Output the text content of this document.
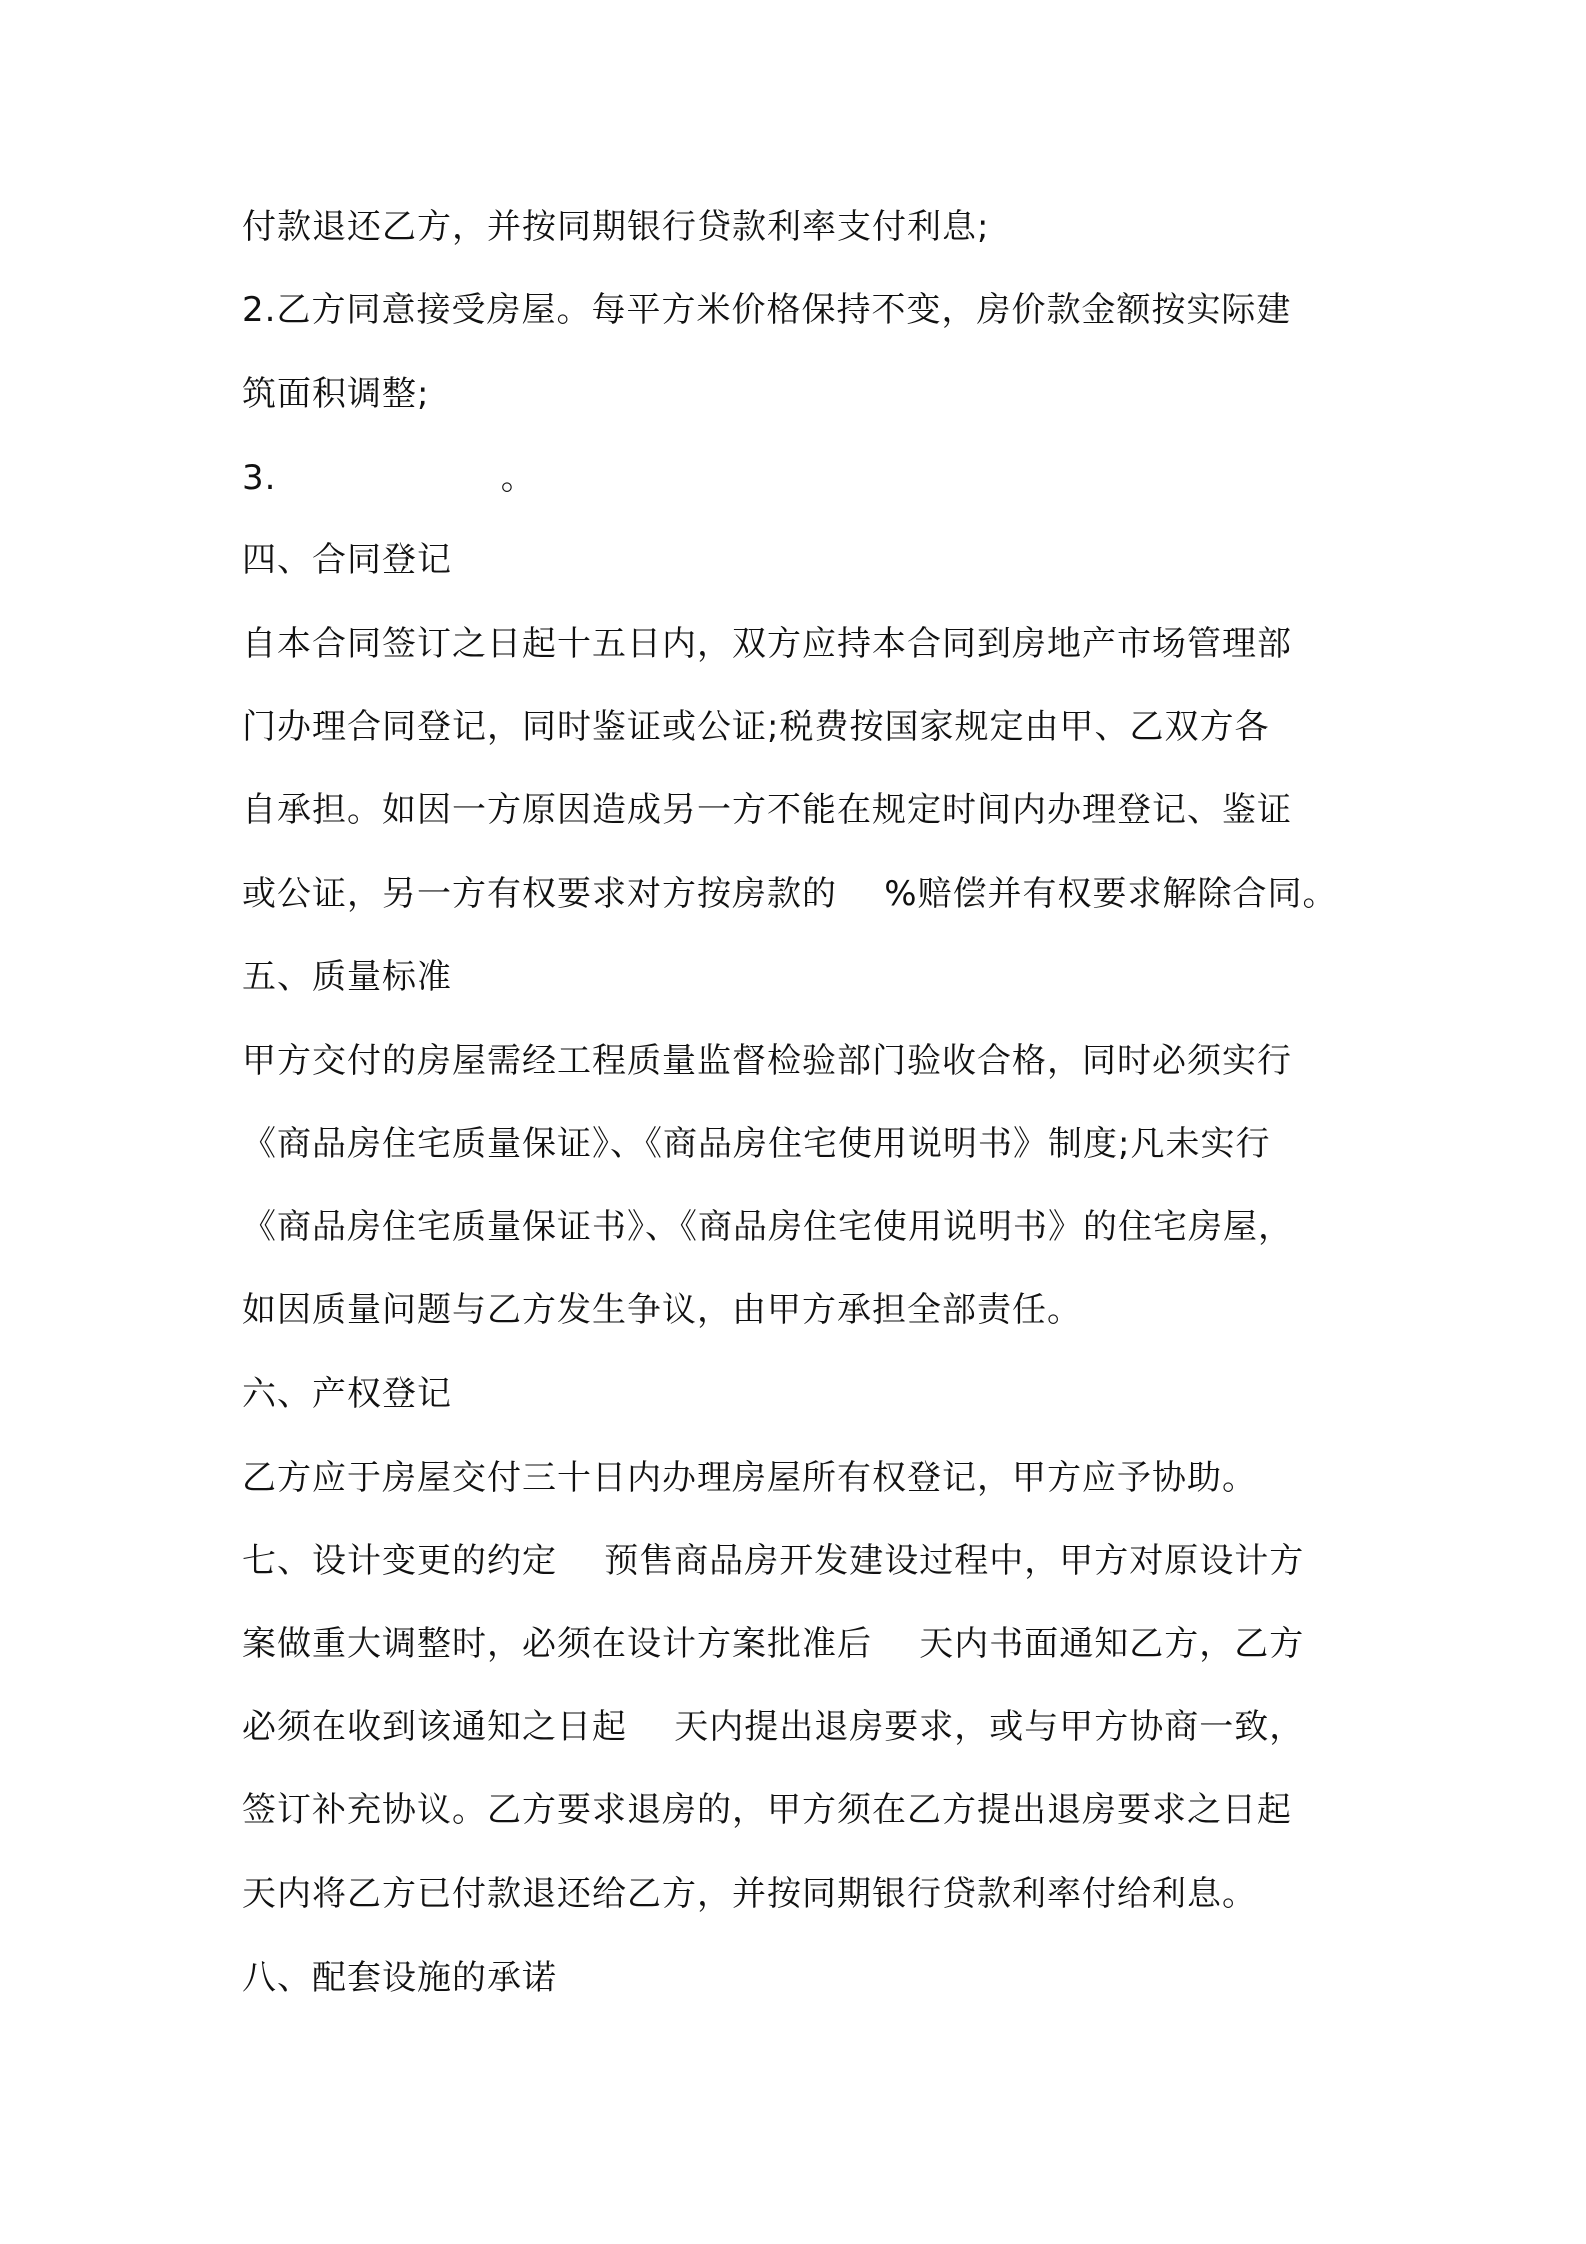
付款退还乙方，并按同期银行贷款利率支付利息;
2.乙方同意接受房屋。每平方米价格保持不变，房价款金额按实际建
筑面积调整;
3.                   。
四、合同登记
自本合同签订之日起十五日内，双方应持本合同到房地产市场管理部
门办理合同登记，同时鉴证或公证;税费按国家规定由甲、乙双方各
自承担。如因一方原因造成另一方不能在规定时间内办理登记、鉴证
或公证，另一方有权要求对方按房款的    %赔偿并有权要求解除合同。
五、质量标准
甲方交付的房屋需经工程质量监督检验部门验收合格，同时必须实行
《商品房住宅质量保证》、《商品房住宅使用说明书》制度;凡未实行
《商品房住宅质量保证书》、《商品房住宅使用说明书》的住宅房屋，
如因质量问题与乙方发生争议，由甲方承担全部责任。
六、产权登记
乙方应于房屋交付三十日内办理房屋所有权登记，甲方应予协助。
七、设计变更的约定    预售商品房开发建设过程中，甲方对原设计方
案做重大调整时，必须在设计方案批准后    天内书面通知乙方，乙方
必须在收到该通知之日起    天内提出退房要求，或与甲方协商一致，
签订补充协议。乙方要求退房的，甲方须在乙方提出退房要求之日起
天内将乙方已付款退还给乙方，并按同期银行贷款利率付给利息。
八、配套设施的承诺
